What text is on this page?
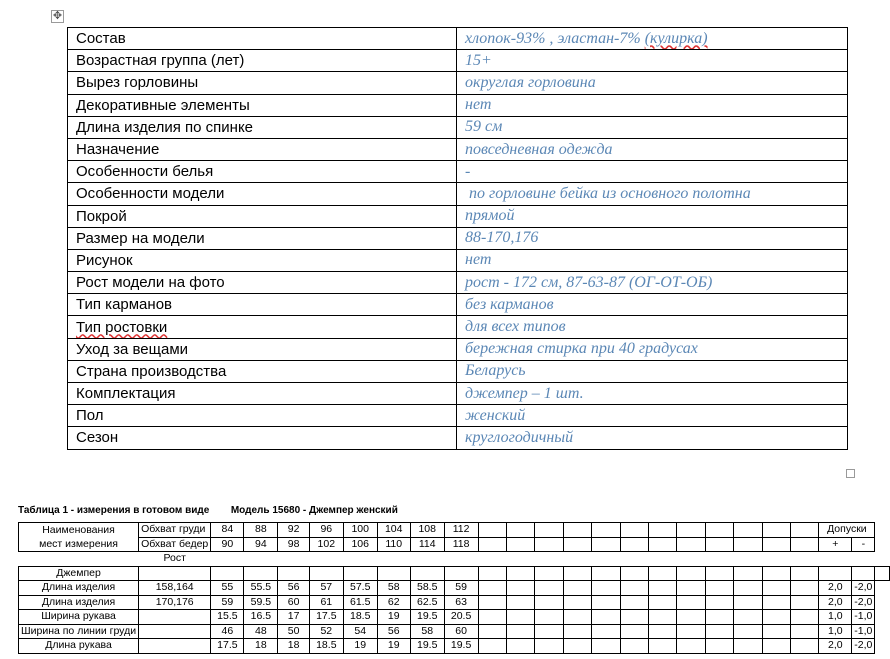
✥
Состав	хлопок-93% , эластан-7% (кулирка)
Возрастная группа (лет)	15+
Вырез горловины	округлая горловина
Декоративные элементы	нет
Длина изделия по спинке	59 см
Назначение	повседневная одежда
Особенности белья	-
Особенности модели	по горловине бейка из основного полотна
Покрой	прямой
Размер на модели	88-170,176
Рисунок	нет
Рост модели на фото	рост - 172 см, 87-63-87 (ОГ-ОТ-ОБ)
Тип карманов	без карманов
Тип ростовки	для всех типов
Уход за вещами	бережная стирка при 40 градусах
Страна производства	Беларусь
Комплектация	джемпер – 1 шт.
Пол	женский
Сезон	круглогодичный
Таблица 1 - измерения в готовом виде Модель 15680 - Джемпер женский
Наименования
мест измерения	Обхват груди	84	88	92	96	100	104	108	112													Допуски		
	Обхват бедер	90	94	98	102	106	110	114	118													+	-	
	Рост																							
Джемпер																								
Длина изделия	158,164	55	55.5	56	57	57.5	58	58.5	59													2,0	-2,0	
Длина изделия	170,176	59	59.5	60	61	61.5	62	62.5	63													2,0	-2,0	
Ширина рукава		15.5	16.5	17	17.5	18.5	19	19.5	20.5													1,0	-1,0	
Ширина по линии груди		46	48	50	52	54	56	58	60													1,0	-1,0	
Длина рукава		17.5	18	18	18.5	19	19	19.5	19.5													2,0	-2,0	
